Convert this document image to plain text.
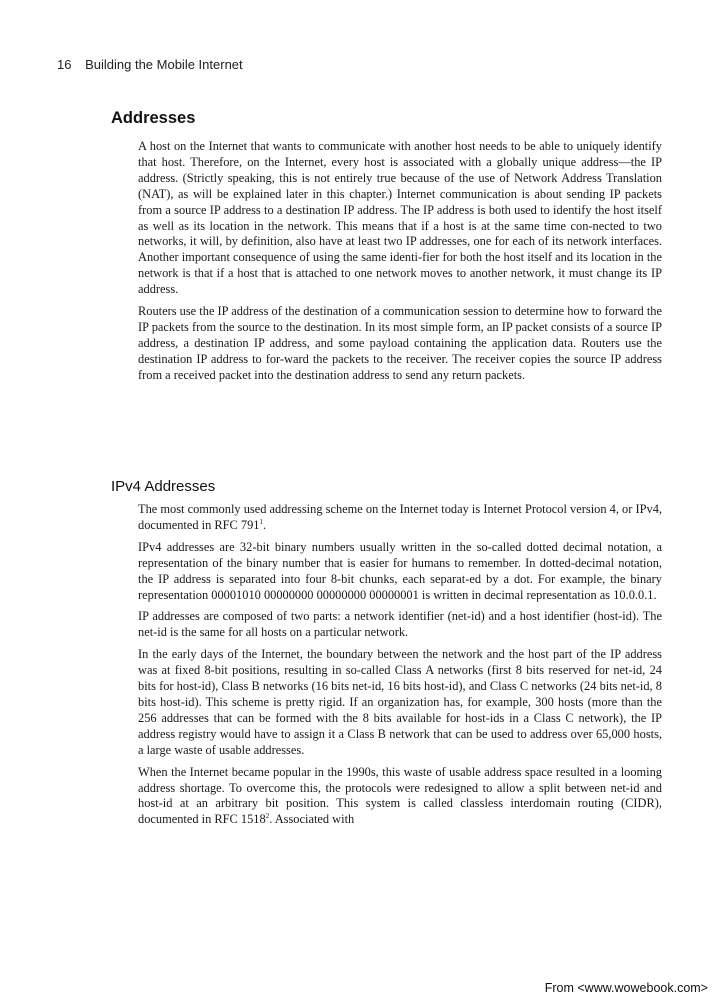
16 Building the Mobile Internet
Addresses

A host on the Internet that wants to communicate with another host needs to be able to uniquely identify that host. Therefore, on the Internet, every host is associated with a globally unique address—the IP address. (Strictly speaking, this is not entirely true because of the use of Network Address Translation (NAT), as will be explained later in this chapter.) Internet communication is about sending IP packets from a source IP address to a destination IP address. The IP address is both used to identify the host itself as well as its location in the network. This means that if a host is at the same time con-nected to two networks, it will, by definition, also have at least two IP addresses, one for each of its network interfaces. Another important consequence of using the same identi-fier for both the host itself and its location in the network is that if a host that is attached to one network moves to another network, it must change its IP address.

Routers use the IP address of the destination of a communication session to determine how to forward the IP packets from the source to the destination. In its most simple form, an IP packet consists of a source IP address, a destination IP address, and some payload containing the application data. Routers use the destination IP address to for-ward the packets to the receiver. The receiver copies the source IP address from a received packet into the destination address to send any return packets.

IPv4 Addresses

The most commonly used addressing scheme on the Internet today is Internet Protocol version 4, or IPv4, documented in RFC $791^1$.

IPv4 addresses are 32-bit binary numbers usually written in the so-called dotted decimal notation, a representation of the binary number that is easier for humans to remember. In dotted-decimal notation, the IP address is separated into four 8-bit chunks, each separat-ed by a dot. For example, the binary representation 00001010 00000000 00000000 00000001 is written in decimal representation as 10.0.0.1.

IP addresses are composed of two parts: a network identifier (net-id) and a host identifier (host-id). The net-id is the same for all hosts on a particular network.

In the early days of the Internet, the boundary between the network and the host part of the IP address was at fixed 8-bit positions, resulting in so-called Class A networks (first 8 bits reserved for net-id, 24 bits for host-id), Class B networks (16 bits net-id, 16 bits host-id), and Class C networks (24 bits net-id, 8 bits host-id). This scheme is pretty rigid. If an organization has, for example, 300 hosts (more than the 256 addresses that can be formed with the 8 bits available for host-ids in a Class C network), the IP address registry would have to assign it a Class B network that can be used to address over 65,000 hosts, a large waste of usable addresses.

When the Internet became popular in the 1990s, this waste of usable address space resulted in a looming address shortage. To overcome this, the protocols were redesigned to allow a split between net-id and host-id at an arbitrary bit position. This system is called classless interdomain routing (CIDR), documented in RFC 1518$^2$. Associated with

From <www.wowebook.com>
